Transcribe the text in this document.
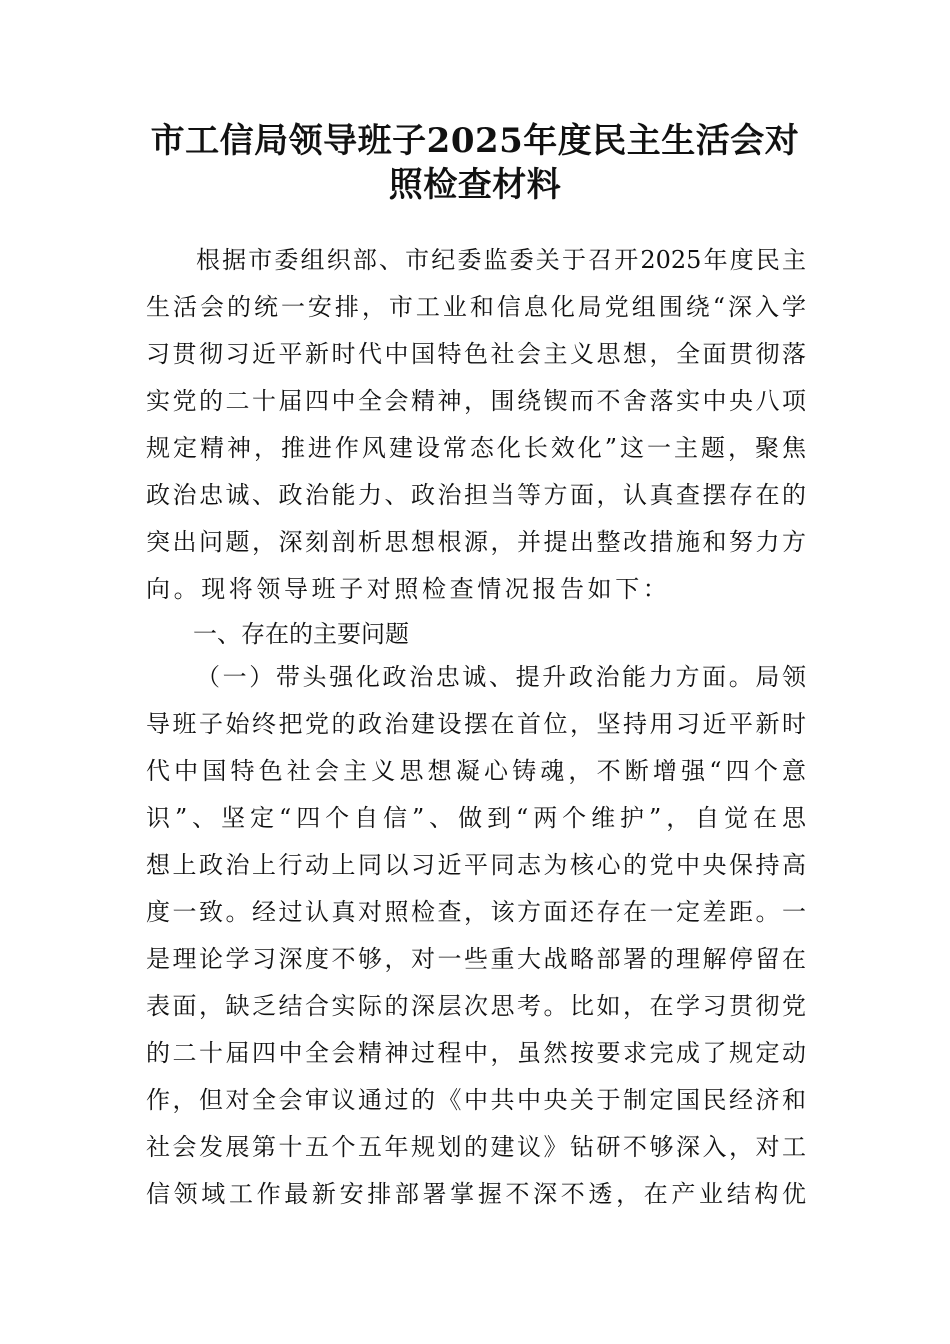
市工信局领导班子2025年度民主生活会对
照检查材料
根据市委组织部、市纪委监委关于召开2025年度民主
生活会的统一安排，市工业和信息化局党组围绕“深入学
习贯彻习近平新时代中国特色社会主义思想，全面贯彻落
实党的二十届四中全会精神，围绕锲而不舍落实中央八项
规定精神，推进作风建设常态化长效化”这一主题，聚焦
政治忠诚、政治能力、政治担当等方面，认真查摆存在的
突出问题，深刻剖析思想根源，并提出整改措施和努力方
向。现将领导班子对照检查情况报告如下：
一、存在的主要问题
（一）带头强化政治忠诚、提升政治能力方面。局领
导班子始终把党的政治建设摆在首位，坚持用习近平新时
代中国特色社会主义思想凝心铸魂，不断增强“四个意
识”、坚定“四个自信”、做到“两个维护”，自觉在思
想上政治上行动上同以习近平同志为核心的党中央保持高
度一致。经过认真对照检查，该方面还存在一定差距。一
是理论学习深度不够，对一些重大战略部署的理解停留在
表面，缺乏结合实际的深层次思考。比如，在学习贯彻党
的二十届四中全会精神过程中，虽然按要求完成了规定动
作，但对全会审议通过的《中共中央关于制定国民经济和
社会发展第十五个五年规划的建议》钻研不够深入，对工
信领域工作最新安排部署掌握不深不透，在产业结构优
